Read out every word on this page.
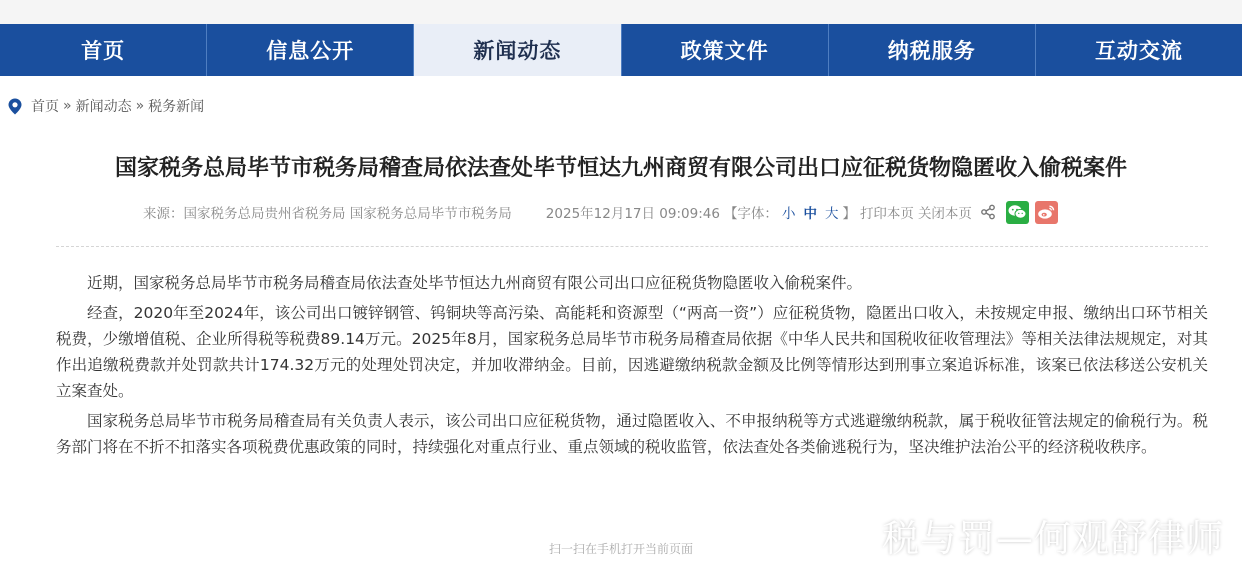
首页	信息公开	新闻动态	政策文件	纳税服务	互动交流
首页 » 新闻动态 » 税务新闻
国家税务总局毕节市税务局稽查局依法查处毕节恒达九州商贸有限公司出口应征税货物隐匿收入偷税案件
来源：国家税务总局贵州省税务局 国家税务总局毕节市税务局	2025年12月17日 09:09:46 【字体： 小 中 大 】 打印本页 关闭本页

近期，国家税务总局毕节市税务局稽查局依法查处毕节恒达九州商贸有限公司出口应征税货物隐匿收入偷税案件。

经查，2020年至2024年，该公司出口镀锌钢管、钨铜块等高污染、高能耗和资源型（“两高一资”）应征税货物，隐匿出口收入，未按规定申报、缴纳出口环节相关税费，少缴增值税、企业所得税等税费89.14万元。2025年8月，国家税务总局毕节市税务局稽查局依据《中华人民共和国税收征收管理法》等相关法律法规规定，对其作出追缴税费款并处罚款共计174.32万元的处理处罚决定，并加收滞纳金。目前，因逃避缴纳税款金额及比例等情形达到刑事立案追诉标准，该案已依法移送公安机关立案查处。

国家税务总局毕节市税务局稽查局有关负责人表示，该公司出口应征税货物，通过隐匿收入、不申报纳税等方式逃避缴纳税款，属于税收征管法规定的偷税行为。税务部门将在不折不扣落实各项税费优惠政策的同时，持续强化对重点行业、重点领域的税收监管，依法查处各类偷逃税行为，坚决维护法治公平的经济税收秩序。

扫一扫在手机打开当前页面	税与罚—何观舒律师
